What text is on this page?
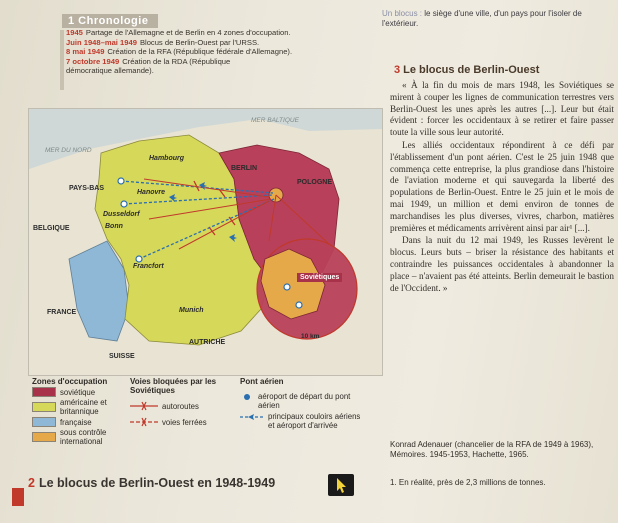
1 Chronologie
1945 Partage de l'Allemagne et de Berlin en 4 zones d'occupation.
Juin 1948–mai 1949 Blocus de Berlin-Ouest par l'URSS.
8 mai 1949 Création de la RFA (République fédérale d'Allemagne).
7 octobre 1949 Création de la RDA (République démocratique allemande).
Un blocus : le siège d'une ville, d'un pays pour l'isoler de l'extérieur.
3 Le blocus de Berlin-Ouest

« À la fin du mois de mars 1948, les Soviétiques se mirent à couper les lignes de communication terrestres vers Berlin-Ouest les unes après les autres [...]. Leur but était évident : forcer les occidentaux à se retirer et faire passer toute la ville sous leur autorité.

Les alliés occidentaux répondirent à ce défi par l'établissement d'un pont aérien. C'est le 25 juin 1948 que commença cette entreprise, la plus grandiose dans l'histoire de l'aviation moderne et qui sauvegarda la liberté des populations de Berlin-Ouest. Entre le 25 juin et le mois de mai 1949, un million et demi environ de tonnes de marchandises les plus diverses, vivres, charbon, matières premières et médicaments arrivèrent ainsi par air¹ [...].

Dans la nuit du 12 mai 1949, les Russes levèrent le blocus. Leurs buts – briser la résistance des habitants et contraindre les puissances occidentales à abandonner la place – n'avaient pas été atteints. Berlin demeurait le bastion de l'Occident. »

Konrad Adenauer (chancelier de la RFA de 1949 à 1963), Mémoires. 1945-1953, Hachette, 1965.
1. En réalité, près de 2,3 millions de tonnes.
MER DU NORD
MER BALTIQUE
Hambourg
BERLIN
PAYS-BAS
Hanovre
POLOGNE
Dusseldorf
BELGIQUE	Bonn
Francfort
Soviétiques
FRANCE	Munich
10 km
AUTRICHE
SUISSE
Zones d'occupation
soviétique
américaine et britannique
française
sous contrôle international
Voies bloquées par les Soviétiques
autoroutes
voies ferrées
Pont aérien
aéroport de départ du pont aérien
principaux couloirs aériens et aéroport d'arrivée
2 Le blocus de Berlin-Ouest en 1948-1949
